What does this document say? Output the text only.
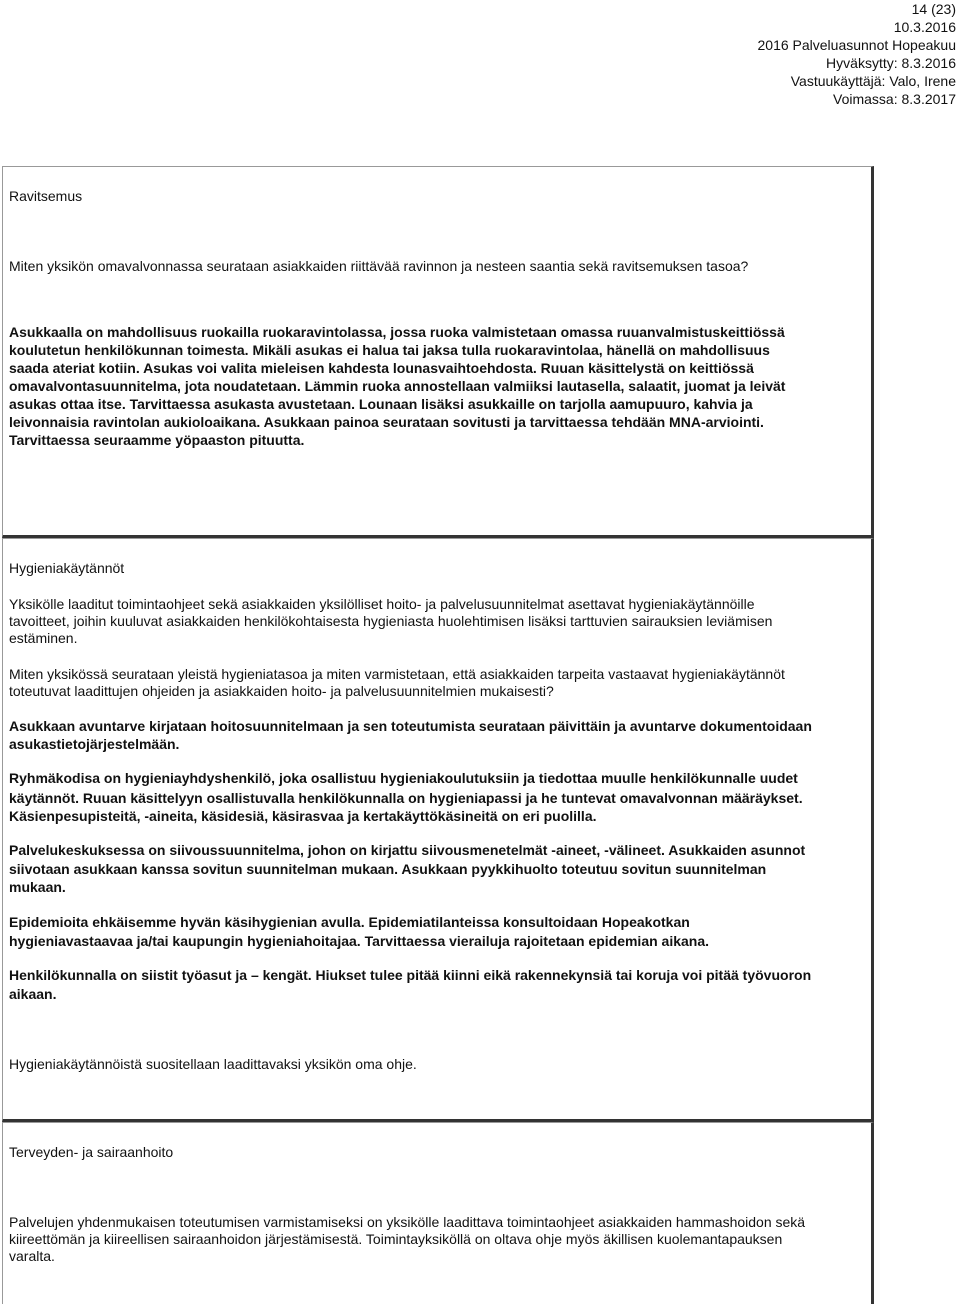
14 (23)
10.3.2016
2016 Palveluasunnot Hopeakuu
Hyväksytty: 8.3.2016
Vastuukäyttäjä: Valo, Irene
Voimassa: 8.3.2017

Ravitsemus

Miten yksikön omavalvonnassa seurataan asiakkaiden riittävää ravinnon ja nesteen saantia sekä ravitsemuksen tasoa?

Asukkaalla on mahdollisuus ruokailla ruokaravintolassa, jossa ruoka valmistetaan omassa ruuanvalmistuskeittiössä

koulutetun henkilökunnan toimesta. Mikäli asukas ei halua tai jaksa tulla ruokaravintolaa, hänellä on mahdollisuus

saada ateriat kotiin. Asukas voi valita mieleisen kahdesta lounasvaihtoehdosta. Ruuan käsittelystä on keittiössä

omavalvontasuunnitelma, jota noudatetaan. Lämmin ruoka annostellaan valmiiksi lautasella, salaatit, juomat ja leivät

asukas ottaa itse. Tarvittaessa asukasta avustetaan. Lounaan lisäksi asukkaille on tarjolla aamupuuro, kahvia ja

leivonnaisia ravintolan aukioloaikana. Asukkaan painoa seurataan sovitusti ja tarvittaessa tehdään MNA-arviointi.

Tarvittaessa seuraamme yöpaaston pituutta.

Hygieniakäytännöt

Yksikölle laaditut toimintaohjeet sekä asiakkaiden yksilölliset hoito- ja palvelusuunnitelmat asettavat hygieniakäytännöille

tavoitteet, joihin kuuluvat asiakkaiden henkilökohtaisesta hygieniasta huolehtimisen lisäksi tarttuvien sairauksien leviämisen

estäminen.

Miten yksikössä seurataan yleistä hygieniatasoa ja miten varmistetaan, että asiakkaiden tarpeita vastaavat hygieniakäytännöt

toteutuvat laadittujen ohjeiden ja asiakkaiden hoito- ja palvelusuunnitelmien mukaisesti?

Asukkaan avuntarve kirjataan hoitosuunnitelmaan ja sen toteutumista seurataan päivittäin ja avuntarve dokumentoidaan

asukastietojärjestelmään.

Ryhmäkodisa on hygieniayhdyshenkilö, joka osallistuu hygieniakoulutuksiin ja tiedottaa muulle henkilökunnalle uudet

käytännöt. Ruuan käsittelyyn osallistuvalla henkilökunnalla on hygieniapassi ja he tuntevat omavalvonnan määräykset.

Käsienpesupisteitä, -aineita, käsidesiä, käsirasvaa ja kertakäyttökäsineitä on eri puolilla.

Palvelukeskuksessa on siivoussuunnitelma, johon on kirjattu siivousmenetelmät -aineet, -välineet. Asukkaiden asunnot

siivotaan asukkaan kanssa sovitun suunnitelman mukaan. Asukkaan pyykkihuolto toteutuu sovitun suunnitelman

mukaan.

Epidemioita ehkäisemme hyvän käsihygienian avulla. Epidemiatilanteissa konsultoidaan Hopeakotkan

hygieniavastaavaa ja/tai kaupungin hygieniahoitajaa. Tarvittaessa vierailuja rajoitetaan epidemian aikana.

Henkilökunnalla on siistit työasut ja – kengät. Hiukset tulee pitää kiinni eikä rakennekynsiä tai koruja voi pitää työvuoron

aikaan.

Hygieniakäytännöistä suositellaan laadittavaksi yksikön oma ohje.

Terveyden- ja sairaanhoito

Palvelujen yhdenmukaisen toteutumisen varmistamiseksi on yksikölle laadittava toimintaohjeet asiakkaiden hammashoidon sekä

kiireettömän ja kiireellisen sairaanhoidon järjestämisestä. Toimintayksiköllä on oltava ohje myös äkillisen kuolemantapauksen

varalta.
